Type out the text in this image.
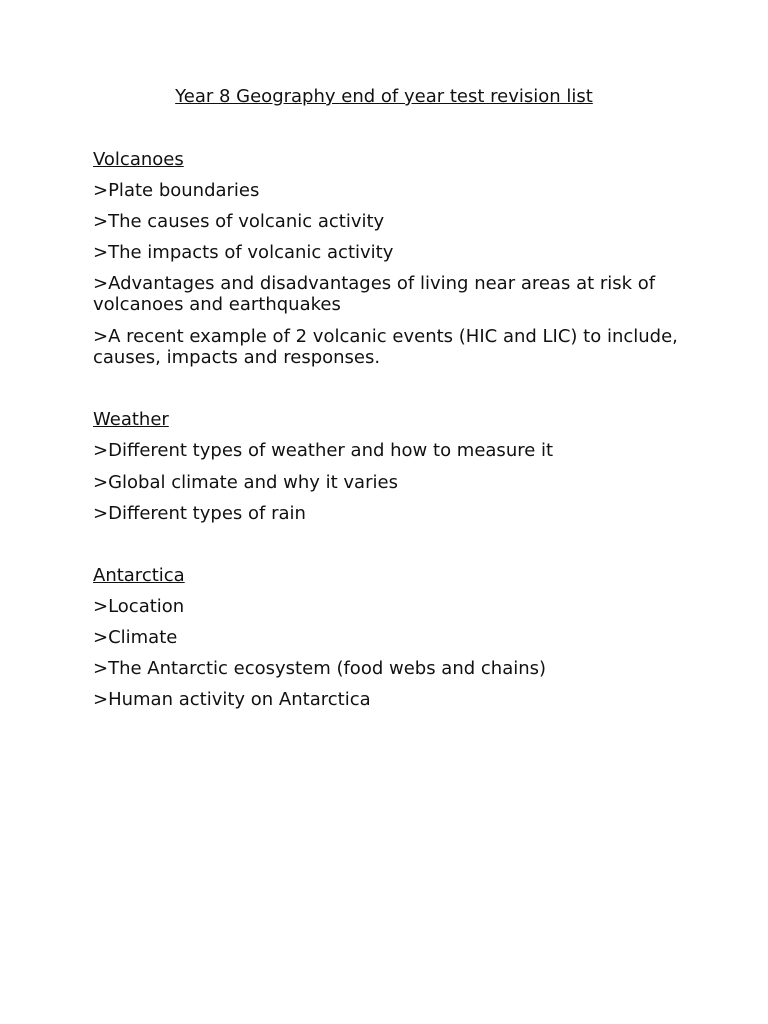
Year 8 Geography end of year test revision list
Volcanoes
>Plate boundaries
>The causes of volcanic activity
>The impacts of volcanic activity
>Advantages and disadvantages of living near areas at risk of volcanoes and earthquakes
>A recent example of 2 volcanic events (HIC and LIC) to include, causes, impacts and responses.
Weather
>Different types of weather and how to measure it
>Global climate and why it varies
>Different types of rain
Antarctica
>Location
>Climate
>The Antarctic ecosystem (food webs and chains)
>Human activity on Antarctica
